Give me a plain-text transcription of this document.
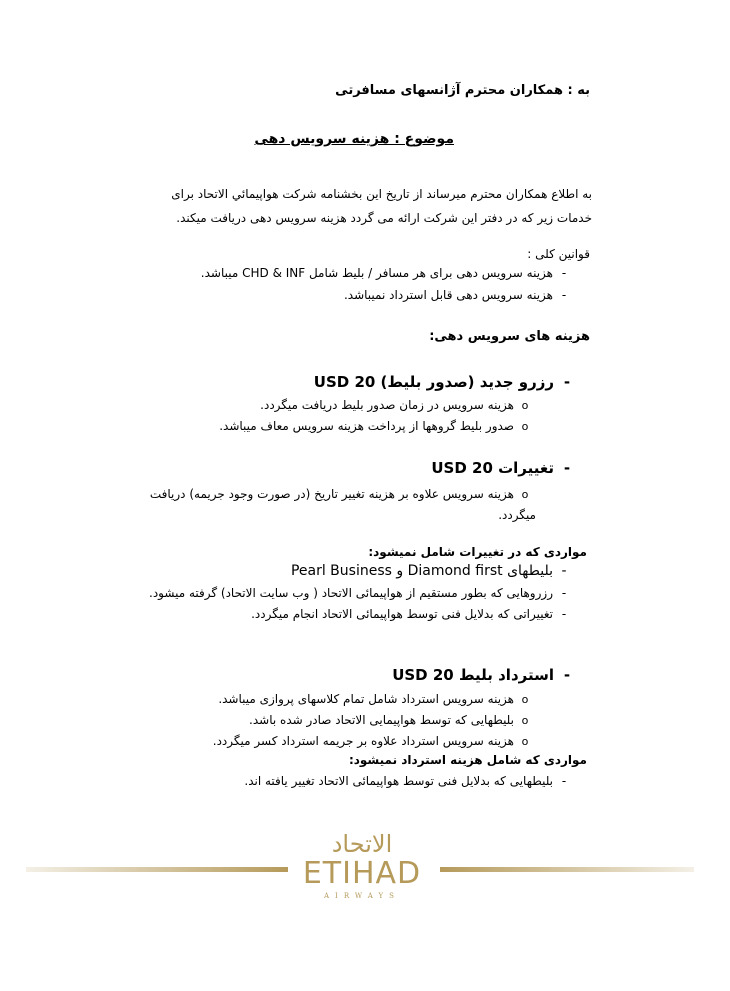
به : همکاران محترم آژانسهای مسافرتی
موضوع : هزینه سرویس دهی
به اطلاع همکاران محترم میرساند از تاریخ این بخشنامه شرکت هواپیمائي الاتحاد برای خدمات زیر که در دفتر این شرکت ارائه می گردد هزینه سرویس دهی دریافت میکند.
قوانین کلی :
-هزینه سرویس دهی برای هر مسافر / بلیط شامل CHD & INF میباشد.
-هزینه سرویس دهی قابل استرداد نمیباشد.
هزینه های سرویس دهی:
-رزرو جدید (صدور بلیط) USD 20
oهزینه سرویس در زمان صدور بلیط دریافت میگردد.
oصدور بلیط گروهها از پرداخت هزینه سرویس معاف میباشد.
-تغییرات USD 20
oهزینه سرویس علاوه بر هزینه تغییر تاریخ (در صورت وجود جریمه) دریافت میگردد.
مواردی که در تغییرات شامل نمیشود:
-بلیطهای Diamond first و Pearl Business
-رزروهایی که بطور مستقیم از هواپیمائی الاتحاد ( وب سایت الاتحاد) گرفته میشود.
-تغییراتی که بدلایل فنی توسط هواپیمائی الاتحاد انجام میگردد.
-استرداد بلیط USD 20
oهزینه سرویس استرداد شامل تمام کلاسهای پروازی میباشد.
oبلیطهایی که توسط هواپیمایی الاتحاد صادر شده باشد.
oهزینه سرویس استرداد علاوه بر جریمه استرداد کسر میگردد.
مواردی که شامل هزینه استرداد نمیشود:
-بلیطهایی که بدلایل فنی توسط هواپیمائی الاتحاد تغییر یافته اند.
الاتحاد
ETIHAD
AIRWAYS
